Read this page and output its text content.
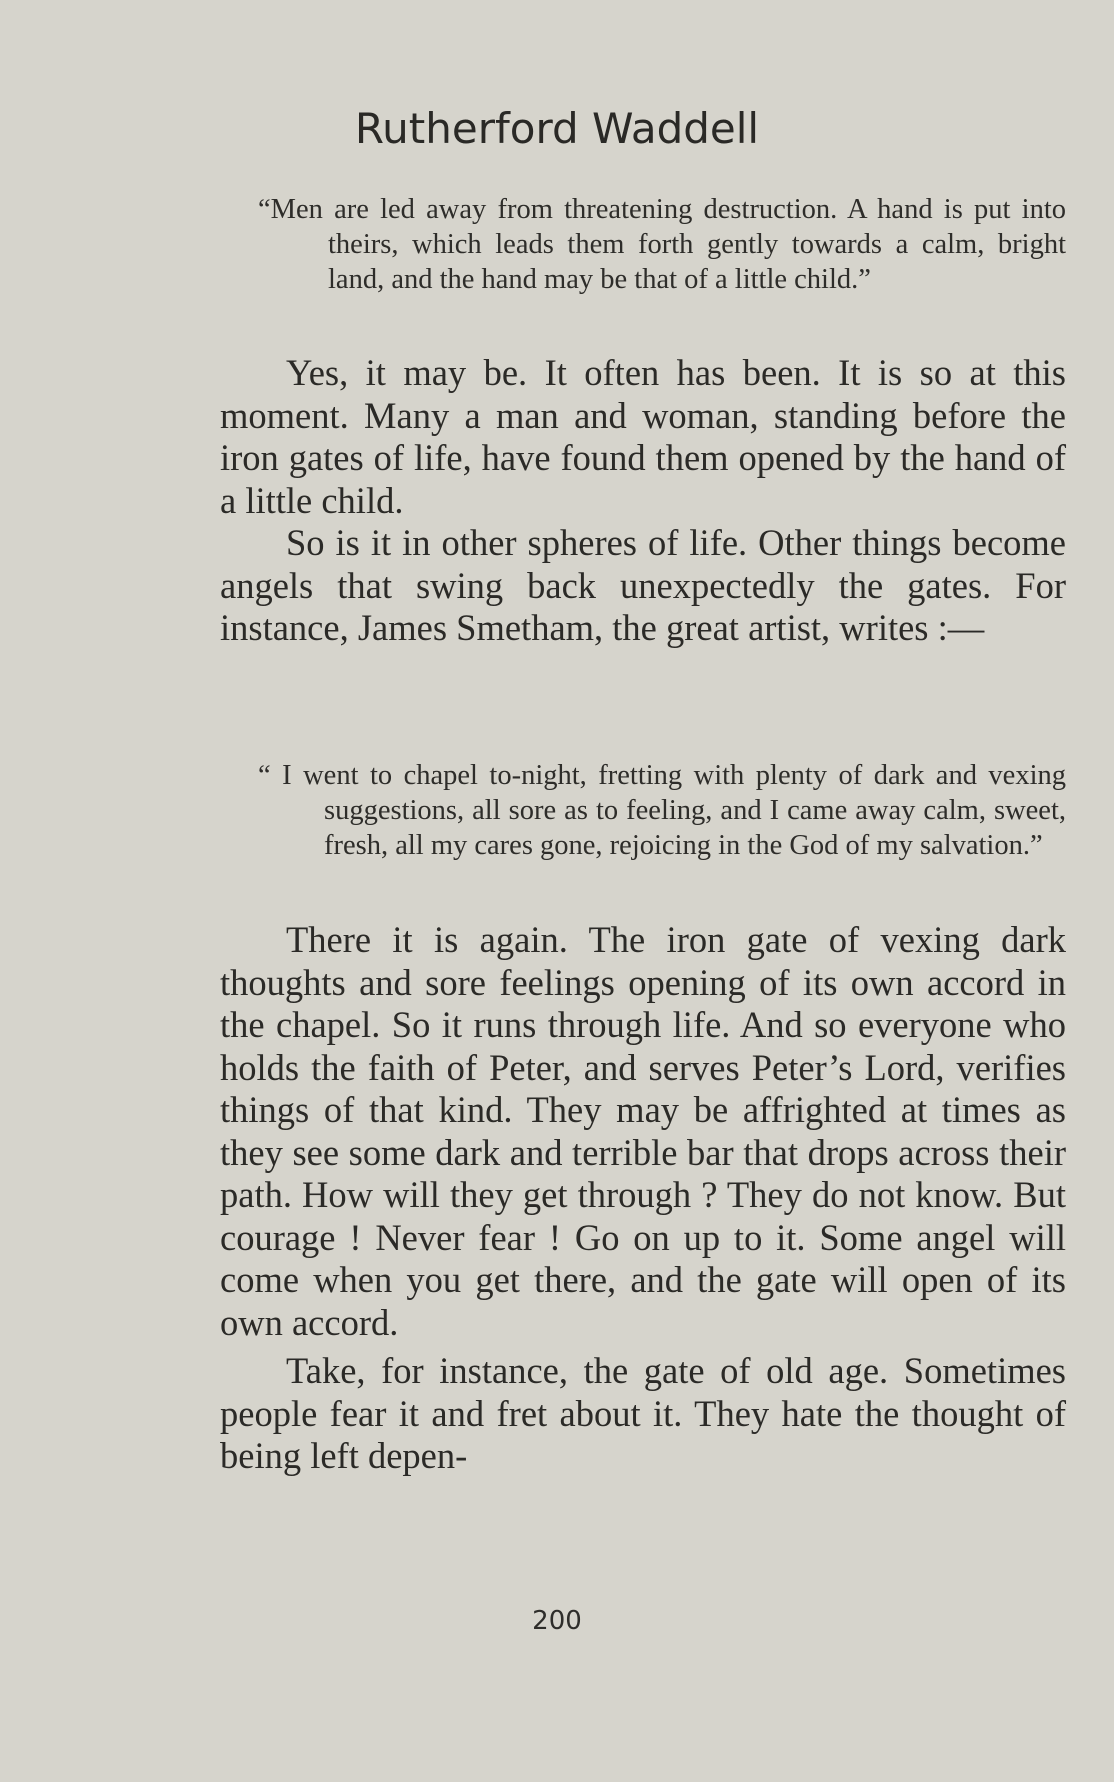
Rutherford Waddell
“Men are led away from threatening destruction. A hand is put into theirs, which leads them forth gently towards a calm, bright land, and the hand may be that of a little child.”

Yes, it may be. It often has been. It is so at this moment. Many a man and woman, standing before the iron gates of life, have found them opened by the hand of a little child.

So is it in other spheres of life. Other things become angels that swing back unexpectedly the gates. For instance, James Smetham, the great artist, writes :—

“ I went to chapel to-night, fretting with plenty of dark and vexing suggestions, all sore as to feeling, and I came away calm, sweet, fresh, all my cares gone, rejoicing in the God of my salvation.”

There it is again. The iron gate of vexing dark thoughts and sore feelings opening of its own accord in the chapel. So it runs through life. And so everyone who holds the faith of Peter, and serves Peter’s Lord, verifies things of that kind. They may be affrighted at times as they see some dark and terrible bar that drops across their path. How will they get through ? They do not know. But courage ! Never fear ! Go on up to it. Some angel will come when you get there, and the gate will open of its own accord.

Take, for instance, the gate of old age. Sometimes people fear it and fret about it. They hate the thought of being left depen-

200
